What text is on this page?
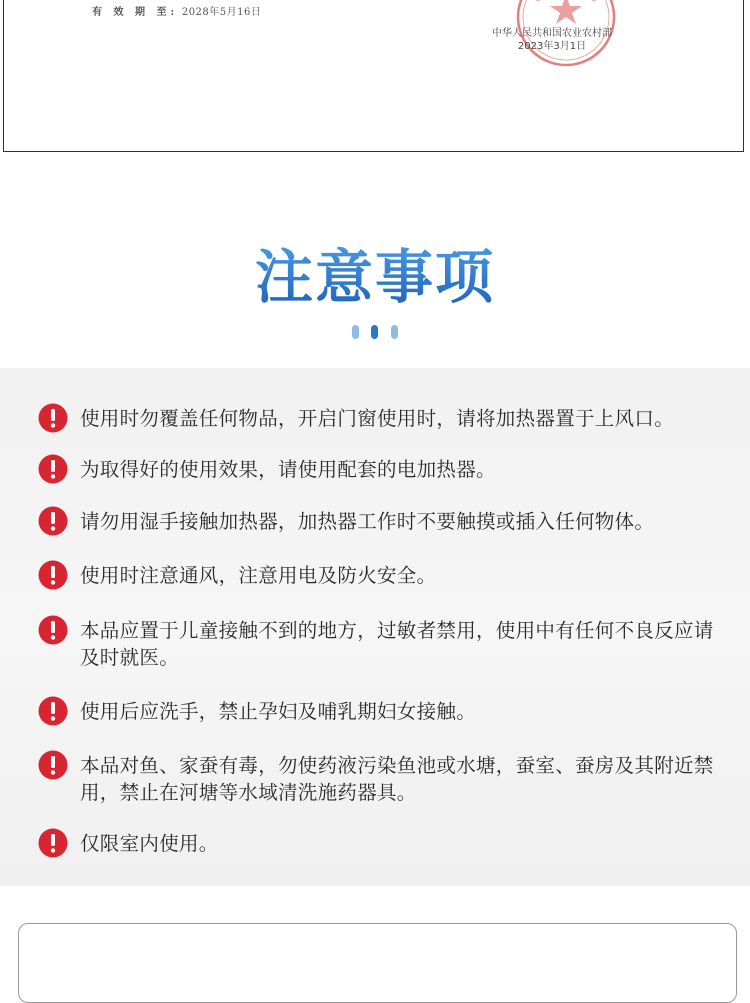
有 效 期 至: 2028年5月16日
中华人民共和国农业农村部
2023年3月1日
注意事项
使用时勿覆盖任何物品，开启门窗使用时，请将加热器置于上风口。
为取得好的使用效果，请使用配套的电加热器。
请勿用湿手接触加热器，加热器工作时不要触摸或插入任何物体。
使用时注意通风，注意用电及防火安全。
本品应置于儿童接触不到的地方，过敏者禁用，使用中有任何不良反应请及时就医。
使用后应洗手，禁止孕妇及哺乳期妇女接触。
本品对鱼、家蚕有毒，勿使药液污染鱼池或水塘，蚕室、蚕房及其附近禁用，禁止在河塘等水域清洗施药器具。
仅限室内使用。
